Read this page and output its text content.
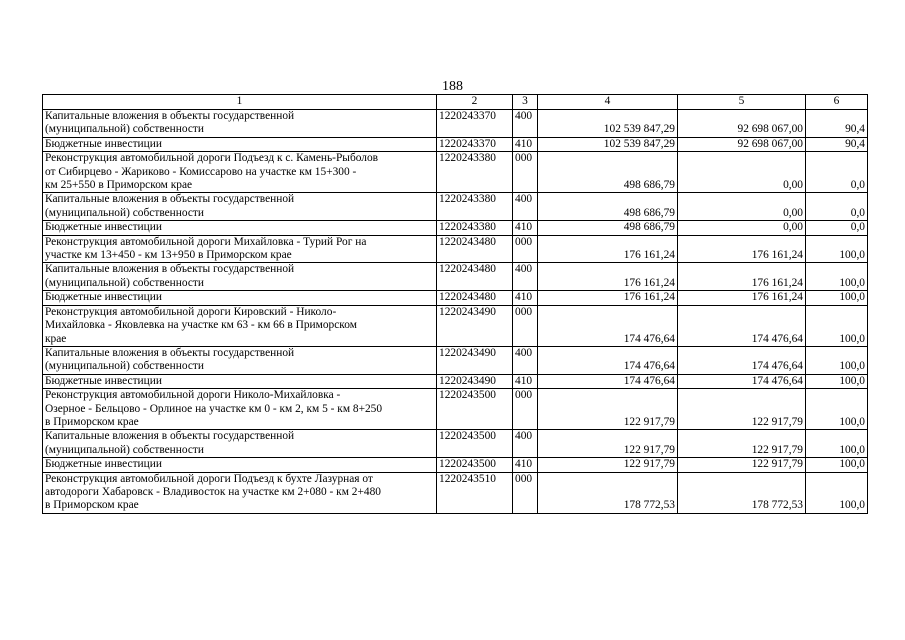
188
1	2	3	4	5	6

Капитальные вложения в объекты государственной
(муниципальной) собственности	1220243370	400	102 539 847,29	92 698 067,00	90,4

Бюджетные инвестиции	1220243370	410	102 539 847,29	92 698 067,00	90,4

Реконструкция автомобильной дороги Подъезд к с. Камень-Рыболов
от Сибирцево - Жариково - Комиссарово на участке км 15+300 -
км 25+550 в Приморском крае	1220243380	000	498 686,79	0,00	0,0

Капитальные вложения в объекты государственной
(муниципальной) собственности	1220243380	400	498 686,79	0,00	0,0

Бюджетные инвестиции	1220243380	410	498 686,79	0,00	0,0

Реконструкция автомобильной дороги Михайловка - Турий Рог на
участке км 13+450 - км 13+950 в Приморском крае	1220243480	000	176 161,24	176 161,24	100,0

Капитальные вложения в объекты государственной
(муниципальной) собственности	1220243480	400	176 161,24	176 161,24	100,0

Бюджетные инвестиции	1220243480	410	176 161,24	176 161,24	100,0

Реконструкция автомобильной дороги Кировский - Николо-
Михайловка - Яковлевка на участке км 63 - км 66 в Приморском
крае	1220243490	000	174 476,64	174 476,64	100,0

Капитальные вложения в объекты государственной
(муниципальной) собственности	1220243490	400	174 476,64	174 476,64	100,0

Бюджетные инвестиции	1220243490	410	174 476,64	174 476,64	100,0

Реконструкция автомобильной дороги Николо-Михайловка -
Озерное - Бельцово - Орлиное на участке км 0 - км 2, км 5 - км 8+250
в Приморском крае	1220243500	000	122 917,79	122 917,79	100,0

Капитальные вложения в объекты государственной
(муниципальной) собственности	1220243500	400	122 917,79	122 917,79	100,0

Бюджетные инвестиции	1220243500	410	122 917,79	122 917,79	100,0

Реконструкция автомобильной дороги Подъезд к бухте Лазурная от
автодороги Хабаровск - Владивосток на участке км 2+080 - км 2+480
в Приморском крае	1220243510	000	178 772,53	178 772,53	100,0
